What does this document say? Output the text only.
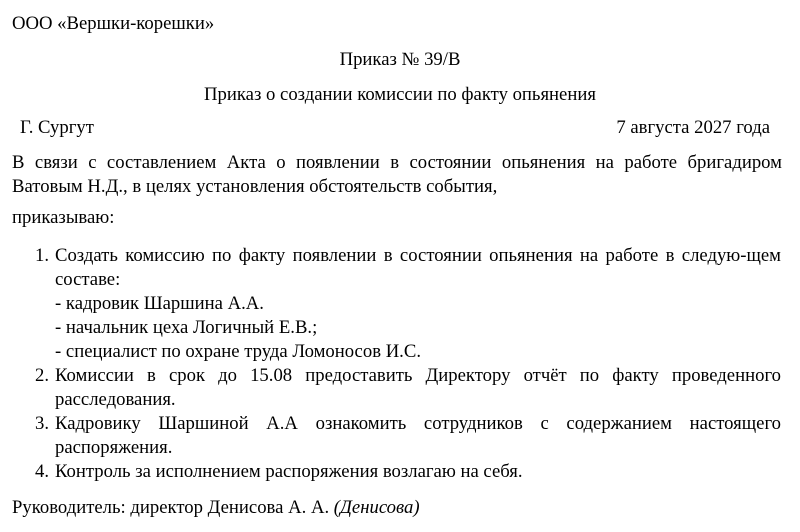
ООО «Вершки-корешки»
Приказ № 39/В
Приказ о создании комиссии по факту опьянения
Г. Сургут	7 августа 2027 года
В связи с составлением Акта о появлении в состоянии опьянения на работе бригадиром Ватовым Н.Д., в целях установления обстоятельств события,
приказываю:
1. Создать комиссию по факту появлении в состоянии опьянения на работе в следую-щем составе:
- кадровик Шаршина А.А.
- начальник цеха Логичный Е.В.;
- специалист по охране труда Ломоносов И.С.
2. Комиссии в срок до 15.08 предоставить Директору отчёт по факту проведенного расследования.
3. Кадровику Шаршиной А.А ознакомить сотрудников с содержанием настоящего распоряжения.
4. Контроль за исполнением распоряжения возлагаю на себя.
Руководитель: директор Денисова А. А. (Денисова)
